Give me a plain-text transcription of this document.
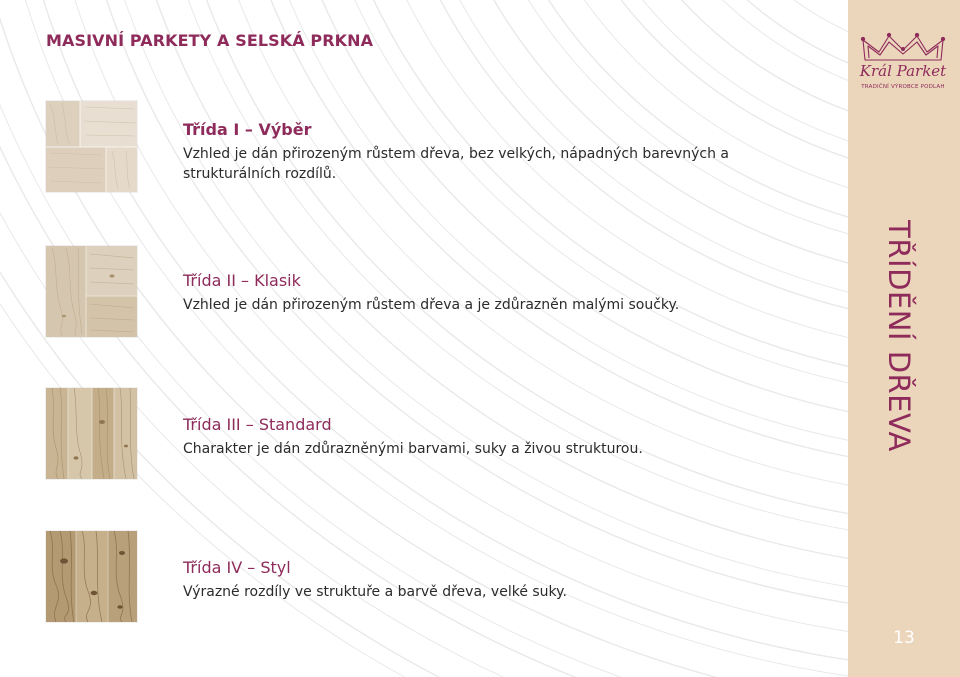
MASIVNÍ PARKETY A SELSKÁ PRKNA
Třída I – Výběr
Vzhled je dán přirozeným růstem dřeva, bez velkých, nápadných barevných a strukturálních rozdílů.
Třída II – Klasik
Vzhled je dán přirozeným růstem dřeva a je zdůrazněn malými součky.
Třída III – Standard
Charakter je dán zdůrazněnými barvami, suky a živou strukturou.
Třída IV – Styl
Výrazné rozdíly ve struktuře a barvě dřeva, velké suky.
Král Parket
TRADIČNÍ VÝROBCE PODLAH
TŘÍDĚNÍ DŘEVA
13
